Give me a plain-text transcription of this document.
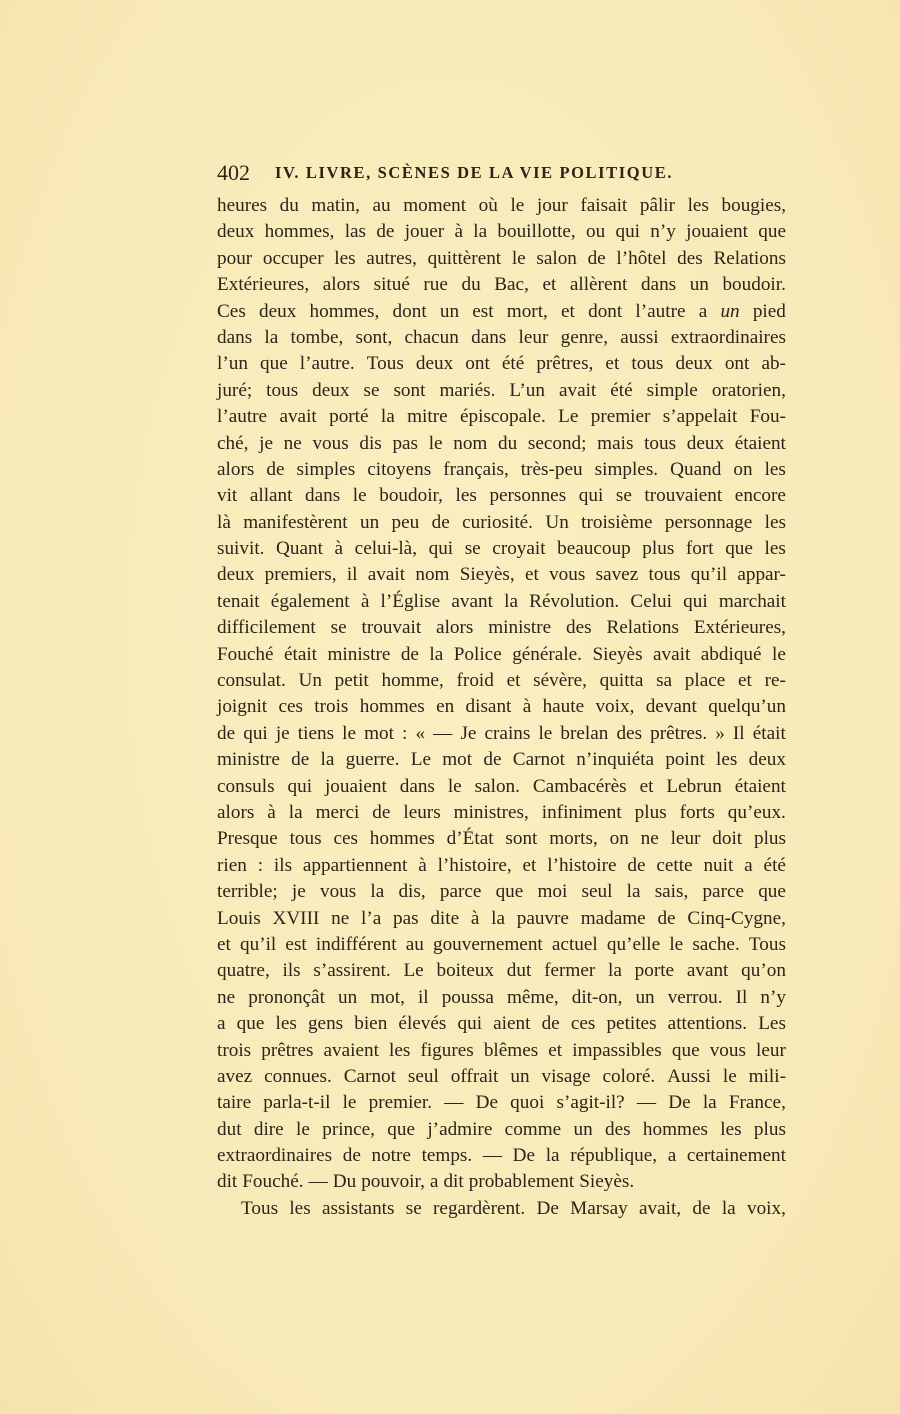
402 IV. LIVRE, SCÈNES DE LA VIE POLITIQUE.
heures du matin, au moment où le jour faisait pâlir les bougies,
deux hommes, las de jouer à la bouillotte, ou qui n’y jouaient que
pour occuper les autres, quittèrent le salon de l’hôtel des Relations
Extérieures, alors situé rue du Bac, et allèrent dans un boudoir.
Ces deux hommes, dont un est mort, et dont l’autre a un pied
dans la tombe, sont, chacun dans leur genre, aussi extraordinaires
l’un que l’autre. Tous deux ont été prêtres, et tous deux ont ab-
juré; tous deux se sont mariés. L’un avait été simple oratorien,
l’autre avait porté la mitre épiscopale. Le premier s’appelait Fou-
ché, je ne vous dis pas le nom du second; mais tous deux étaient
alors de simples citoyens français, très-peu simples. Quand on les
vit allant dans le boudoir, les personnes qui se trouvaient encore
là manifestèrent un peu de curiosité. Un troisième personnage les
suivit. Quant à celui-là, qui se croyait beaucoup plus fort que les
deux premiers, il avait nom Sieyès, et vous savez tous qu’il appar-
tenait également à l’Église avant la Révolution. Celui qui marchait
difficilement se trouvait alors ministre des Relations Extérieures,
Fouché était ministre de la Police générale. Sieyès avait abdiqué le
consulat. Un petit homme, froid et sévère, quitta sa place et re-
joignit ces trois hommes en disant à haute voix, devant quelqu’un
de qui je tiens le mot : « — Je crains le brelan des prêtres. » Il était
ministre de la guerre. Le mot de Carnot n’inquiéta point les deux
consuls qui jouaient dans le salon. Cambacérès et Lebrun étaient
alors à la merci de leurs ministres, infiniment plus forts qu’eux.
Presque tous ces hommes d’État sont morts, on ne leur doit plus
rien : ils appartiennent à l’histoire, et l’histoire de cette nuit a été
terrible; je vous la dis, parce que moi seul la sais, parce que
Louis XVIII ne l’a pas dite à la pauvre madame de Cinq-Cygne,
et qu’il est indifférent au gouvernement actuel qu’elle le sache. Tous
quatre, ils s’assirent. Le boiteux dut fermer la porte avant qu’on
ne prononçât un mot, il poussa même, dit-on, un verrou. Il n’y
a que les gens bien élevés qui aient de ces petites attentions. Les
trois prêtres avaient les figures blêmes et impassibles que vous leur
avez connues. Carnot seul offrait un visage coloré. Aussi le mili-
taire parla-t-il le premier. — De quoi s’agit-il? — De la France,
dut dire le prince, que j’admire comme un des hommes les plus
extraordinaires de notre temps. — De la république, a certainement
dit Fouché. — Du pouvoir, a dit probablement Sieyès.
Tous les assistants se regardèrent. De Marsay avait, de la voix,
